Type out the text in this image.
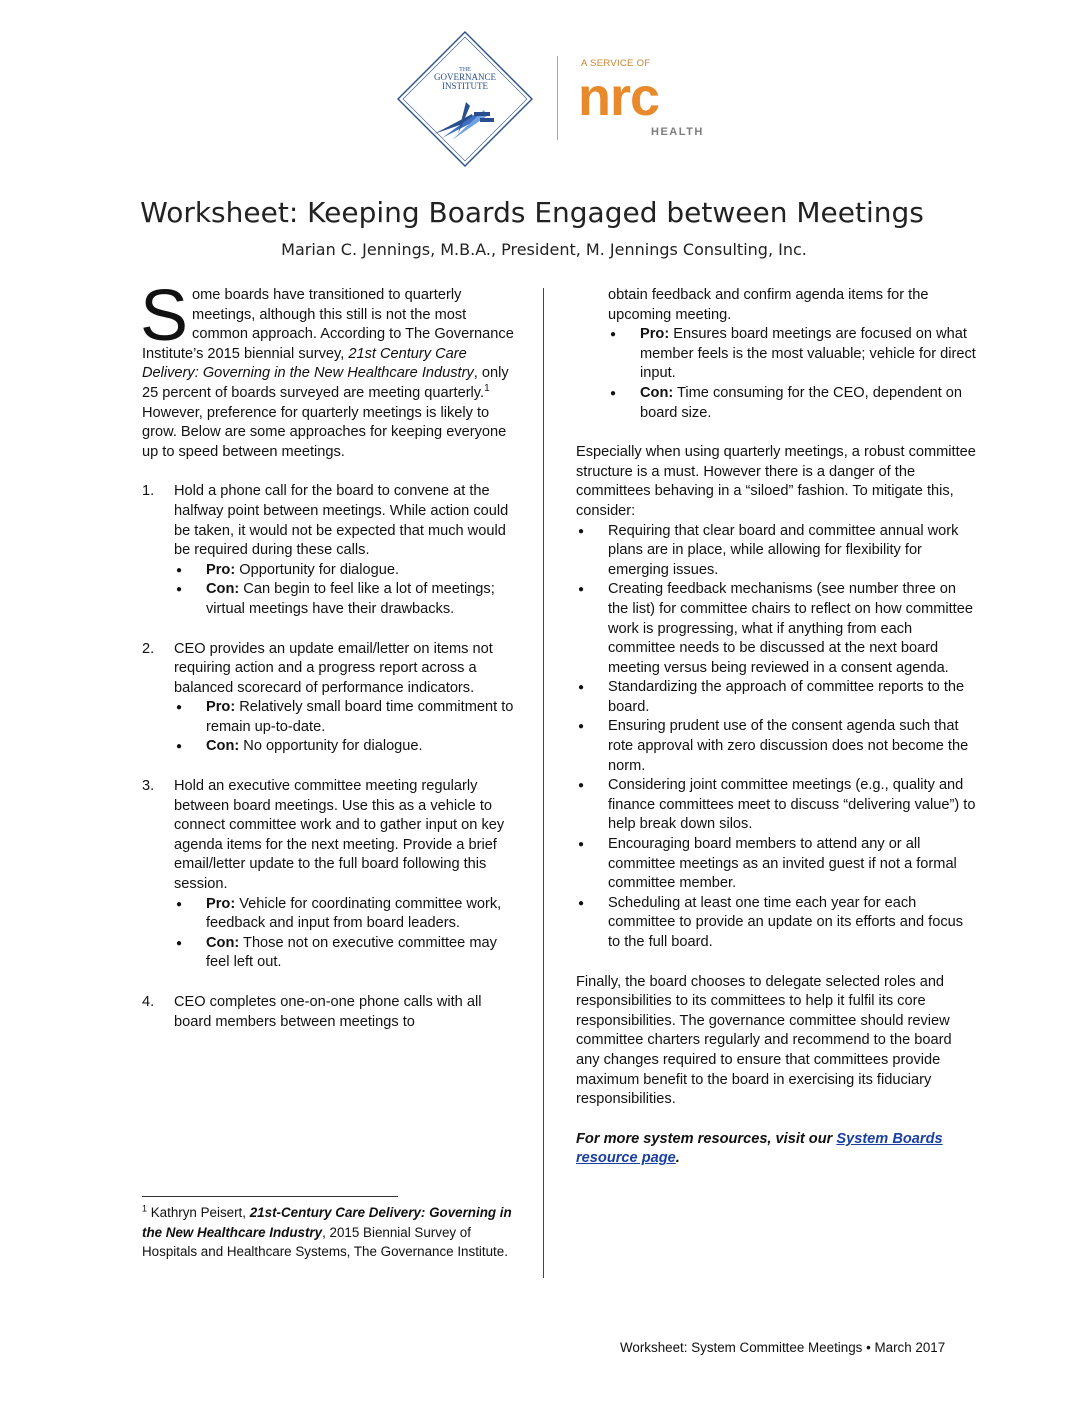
THE
GOVERNANCE
INSTITUTE
A SERVICE OF
nrc
HEALTH
Worksheet: Keeping Boards Engaged between Meetings
Marian C. Jennings, M.B.A., President, M. Jennings Consulting, Inc.

Some boards have transitioned to quarterly meetings, although this still is not the most common approach. According to The Governance Institute’s 2015 biennial survey, 21st Century Care Delivery: Governing in the New Healthcare Industry, only 25 percent of boards surveyed are meeting quarterly.$^1$ However, preference for quarterly meetings is likely to grow. Below are some approaches for keeping everyone up to speed between meetings.

1. Hold a phone call for the board to convene at the halfway point between meetings. While action could be taken, it would not be expected that much would be required during these calls.

● Pro: Opportunity for dialogue.
● Con: Can begin to feel like a lot of meetings; virtual meetings have their drawbacks.
2. CEO provides an update email/letter on items not requiring action and a progress report across a balanced scorecard of performance indicators.

● Pro: Relatively small board time commitment to remain up-to-date.
● Con: No opportunity for dialogue.
3. Hold an executive committee meeting regularly between board meetings. Use this as a vehicle to connect committee work and to gather input on key agenda items for the next meeting. Provide a brief email/letter update to the full board following this session.

● Pro: Vehicle for coordinating committee work, feedback and input from board leaders.
● Con: Those not on executive committee may feel left out.
4. CEO completes one-on-one phone calls with all board members between meetings to

obtain feedback and confirm agenda items for the upcoming meeting.
● Pro: Ensures board meetings are focused on what member feels is the most valuable; vehicle for direct input.
● Con: Time consuming for the CEO, dependent on board size.

Especially when using quarterly meetings, a robust committee structure is a must. However there is a danger of the committees behaving in a “siloed” fashion. To mitigate this, consider:

● Requiring that clear board and committee annual work plans are in place, while allowing for flexibility for emerging issues.
● Creating feedback mechanisms (see number three on the list) for committee chairs to reflect on how committee work is progressing, what if anything from each committee needs to be discussed at the next board meeting versus being reviewed in a consent agenda.
● Standardizing the approach of committee reports to the board.
● Ensuring prudent use of the consent agenda such that rote approval with zero discussion does not become the norm.
● Considering joint committee meetings (e.g., quality and finance committees meet to discuss “delivering value”) to help break down silos.
● Encouraging board members to attend any or all committee meetings as an invited guest if not a formal committee member.
● Scheduling at least one time each year for each committee to provide an update on its efforts and focus to the full board.

Finally, the board chooses to delegate selected roles and responsibilities to its committees to help it fulfil its core responsibilities. The governance committee should review committee charters regularly and recommend to the board any changes required to ensure that committees provide maximum benefit to the board in exercising its fiduciary responsibilities.

For more system resources, visit our System Boards resource page.

$^1$ Kathryn Peisert, 21st-Century Care Delivery: Governing in the New Healthcare Industry, 2015 Biennial Survey of Hospitals and Healthcare Systems, The Governance Institute.
Worksheet: System Committee Meetings • March 2017
